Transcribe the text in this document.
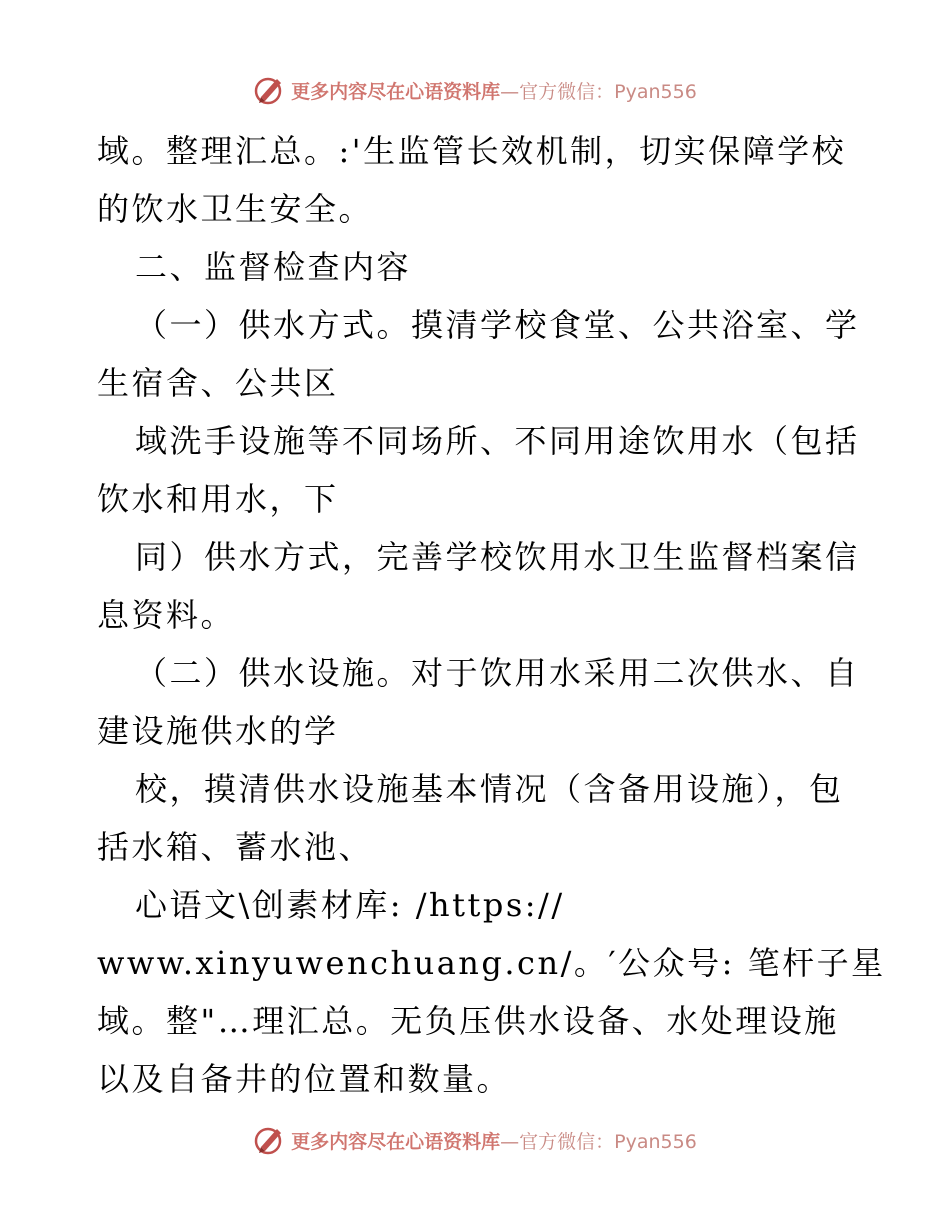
更多内容尽在心语资料库—官方微信：Pyan556
域。整理汇总。:'生监管长效机制，切实保障学校
的饮水卫生安全。
二、监督检查内容
（一）供水方式。摸清学校食堂、公共浴室、学
生宿舍、公共区
域洗手设施等不同场所、不同用途饮用水（包括
饮水和用水，下
同）供水方式，完善学校饮用水卫生监督档案信
息资料。
（二）供水设施。对于饮用水采用二次供水、自
建设施供水的学
校，摸清供水设施基本情况（含备用设施），包
括水箱、蓄水池、
心语文\创素材库: /https://
www.xinyuwenchuang.cn/。′公众号: 笔杆子星
域。整"…理汇总。无负压供水设备、水处理设施
以及自备井的位置和数量。
更多内容尽在心语资料库—官方微信：Pyan556
